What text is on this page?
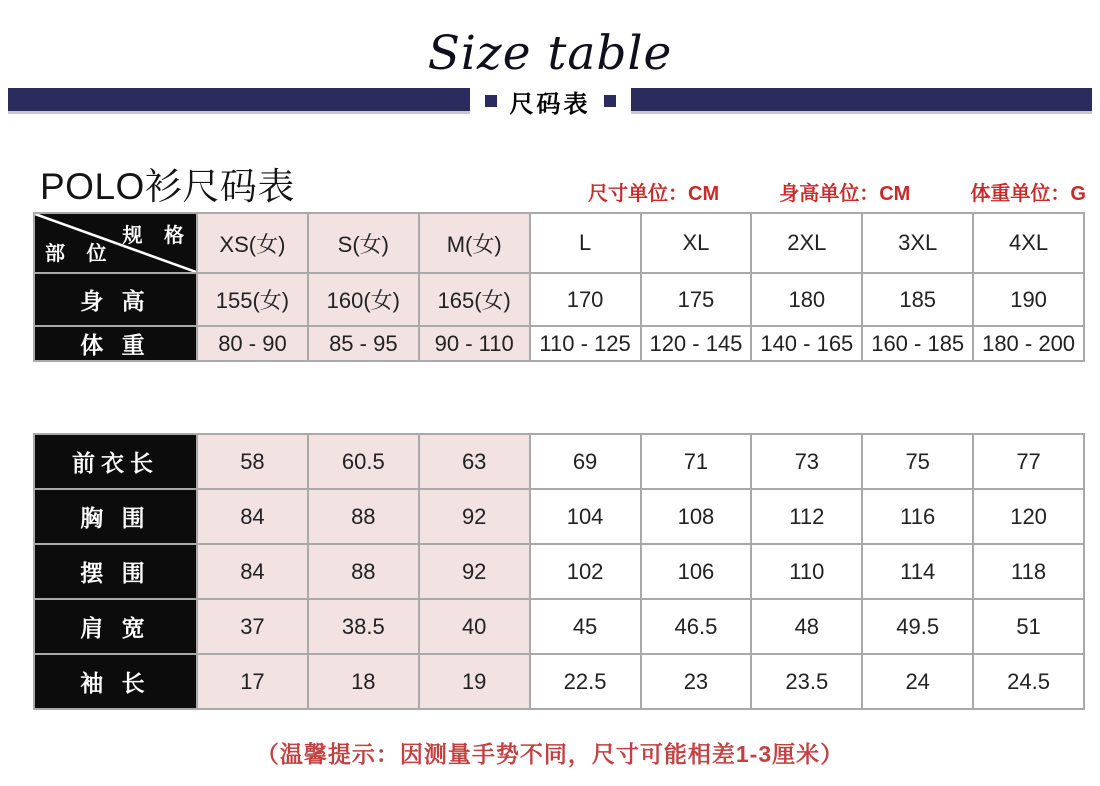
Size table
尺码表
POLO衫尺码表	尺寸单位：CM	身高单位：CM	体重单位：G
规 格
部 位	XS(女)	S(女)	M(女)	L	XL	2XL	3XL	4XL
身 高	155(女)	160(女)	165(女)	170	175	180	185	190
体 重	80 - 90	85 - 95	90 - 110	110 - 125	120 - 145	140 - 165	160 - 185	180 - 200
前衣长	58	60.5	63	69	71	73	75	77
胸 围	84	88	92	104	108	112	116	120
摆 围	84	88	92	102	106	110	114	118
肩 宽	37	38.5	40	45	46.5	48	49.5	51
袖 长	17	18	19	22.5	23	23.5	24	24.5
（温馨提示：因测量手势不同，尺寸可能相差1-3厘米）
